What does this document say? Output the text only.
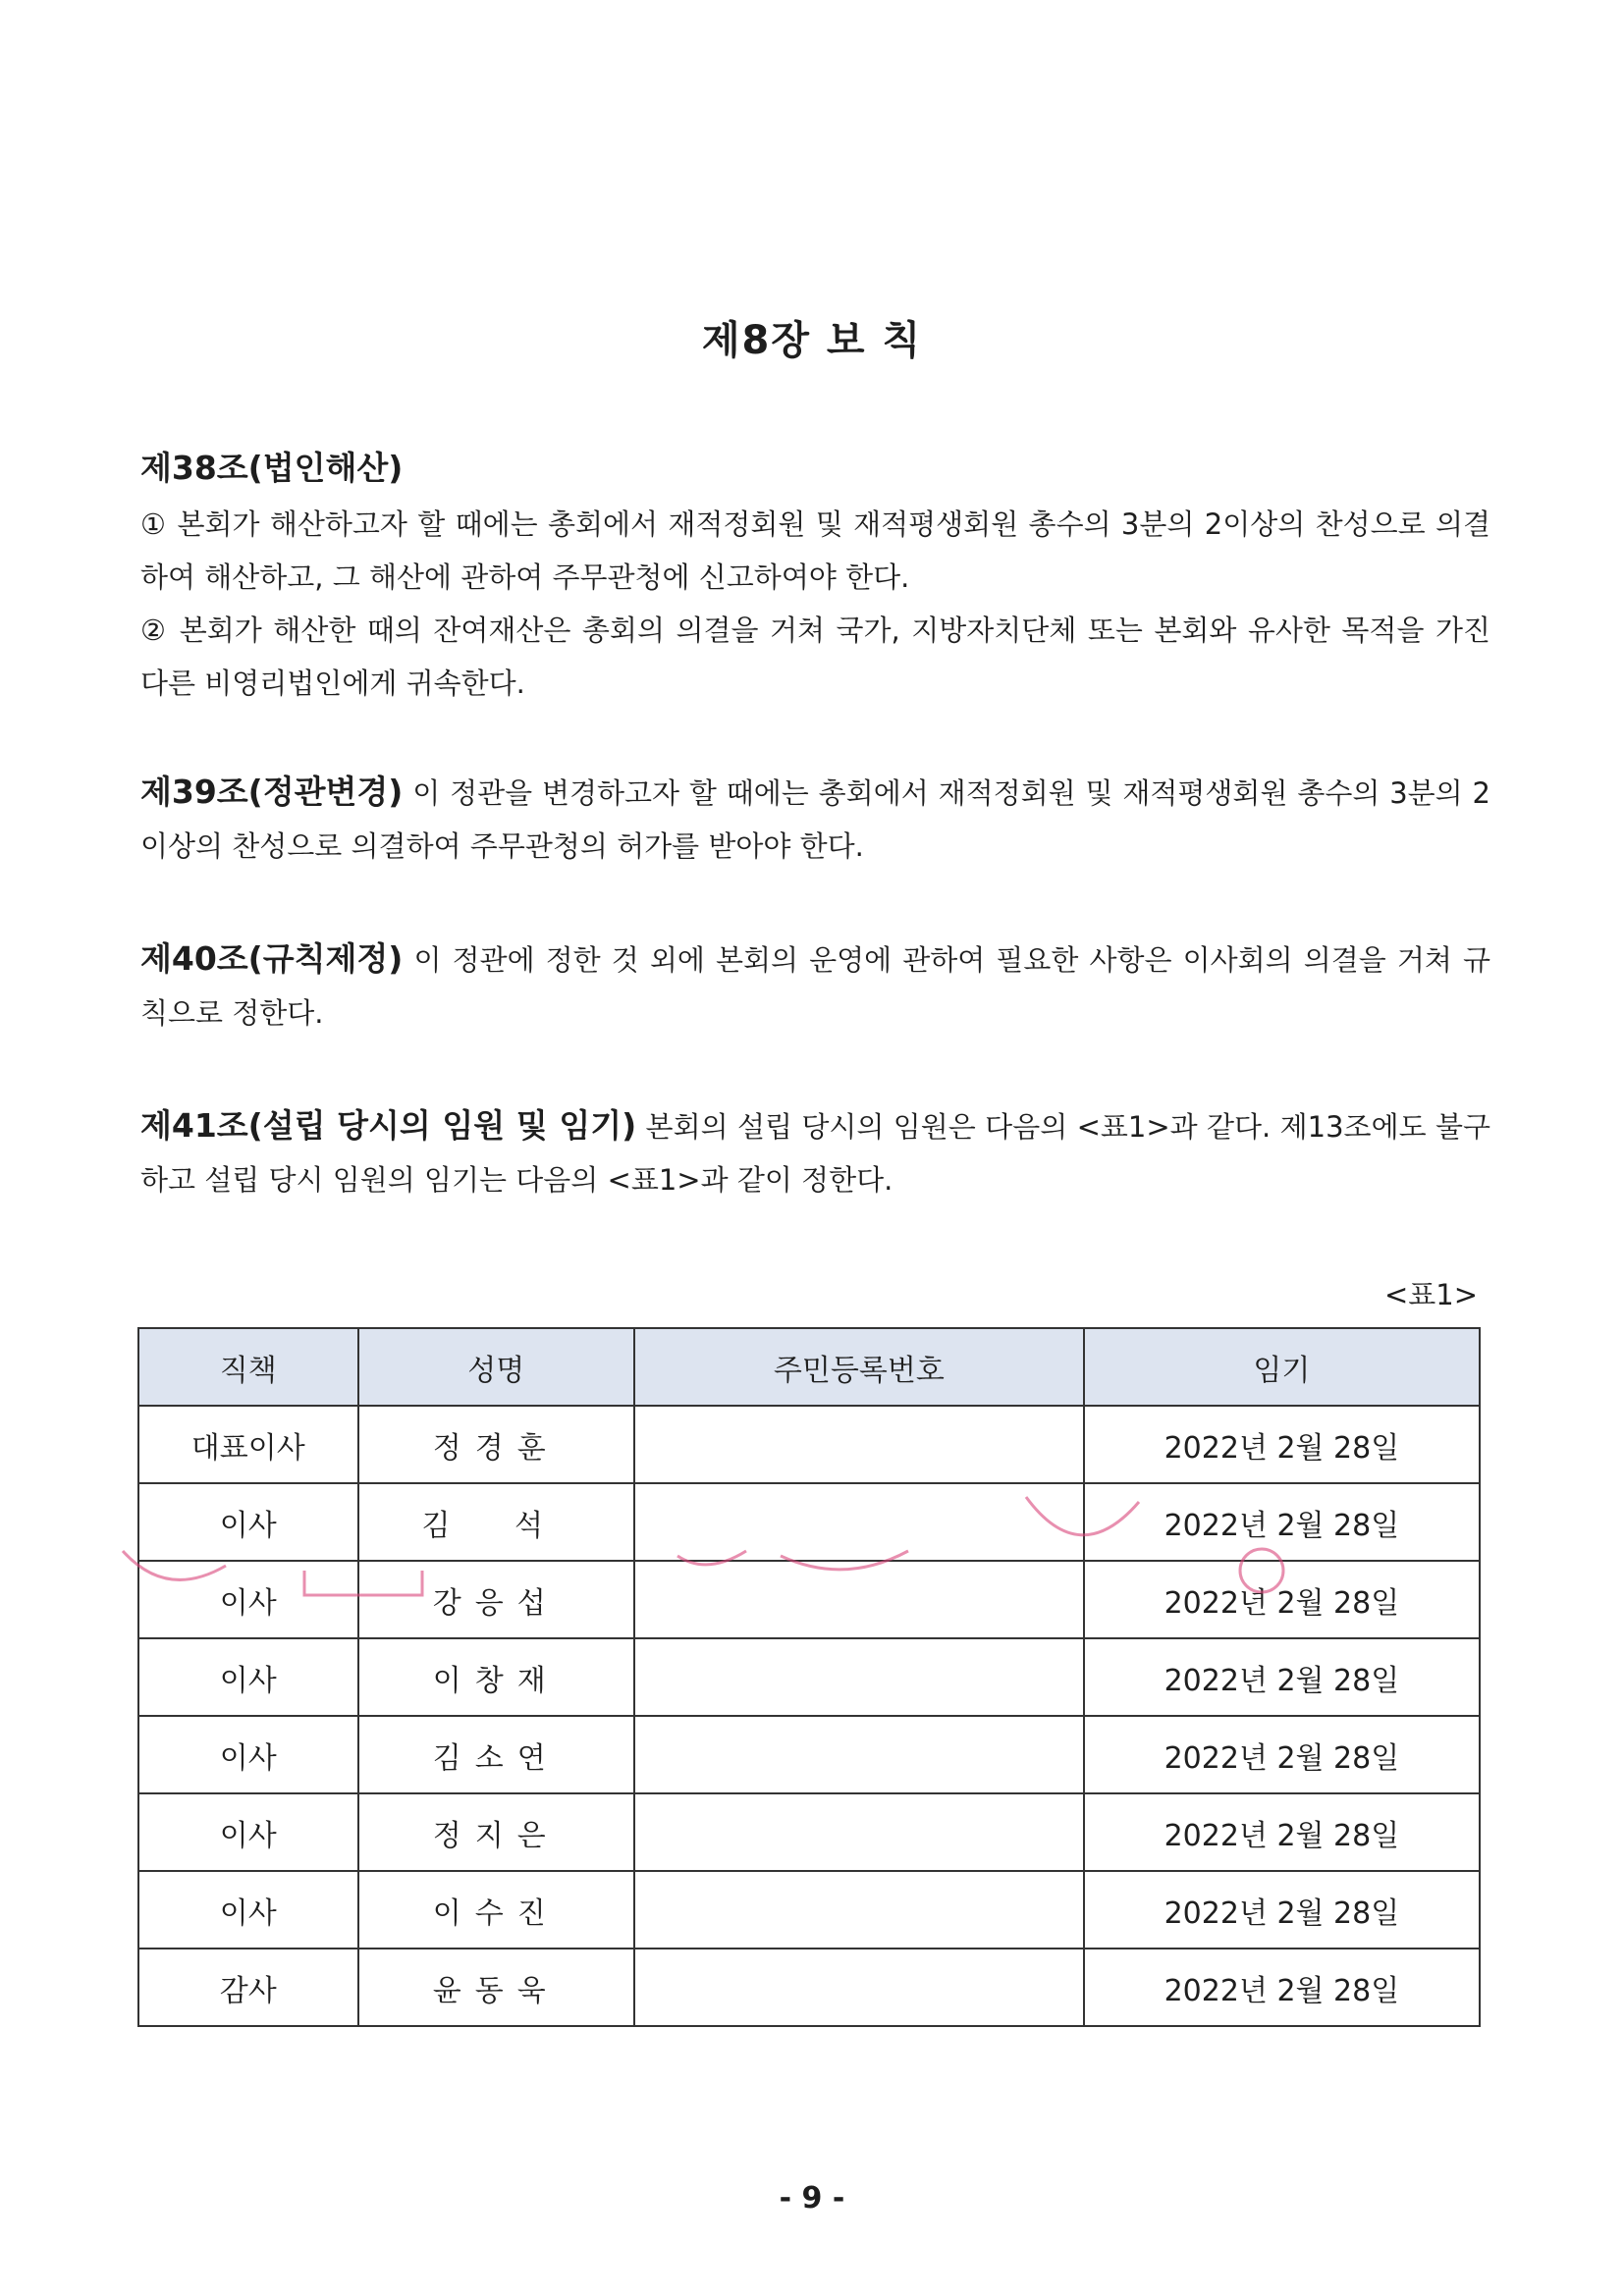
제8장 보 칙
제38조(법인해산)

① 본회가 해산하고자 할 때에는 총회에서 재적정회원 및 재적평생회원 총수의 3분의 2이상의 찬성으로 의결하여 해산하고, 그 해산에 관하여 주무관청에 신고하여야 한다.

② 본회가 해산한 때의 잔여재산은 총회의 의결을 거쳐 국가, 지방자치단체 또는 본회와 유사한 목적을 가진 다른 비영리법인에게 귀속한다.

제39조(정관변경) 이 정관을 변경하고자 할 때에는 총회에서 재적정회원 및 재적평생회원 총수의 3분의 2이상의 찬성으로 의결하여 주무관청의 허가를 받아야 한다.

제40조(규칙제정) 이 정관에 정한 것 외에 본회의 운영에 관하여 필요한 사항은 이사회의 의결을 거쳐 규칙으로 정한다.

제41조(설립 당시의 임원 및 임기) 본회의 설립 당시의 임원은 다음의 <표1>과 같다. 제13조에도 불구하고 설립 당시 임원의 임기는 다음의 <표1>과 같이 정한다.

<표1>
직책	성명	주민등록번호	임기
대표이사	정경훈		2022년 2월 28일
이사	김 석		2022년 2월 28일
이사	강응섭		2022년 2월 28일
이사	이창재		2022년 2월 28일
이사	김소연		2022년 2월 28일
이사	정지은		2022년 2월 28일
이사	이수진		2022년 2월 28일
감사	윤동욱		2022년 2월 28일
- 9 -
